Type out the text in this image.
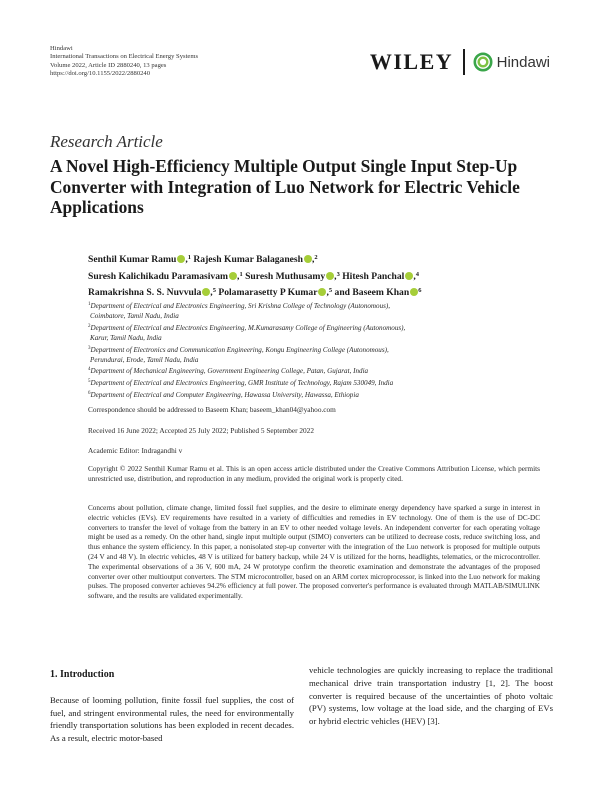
Hindawi
International Transactions on Electrical Energy Systems
Volume 2022, Article ID 2880240, 13 pages
https://doi.org/10.1155/2022/2880240	WILEY	Hindawi
Research Article
A Novel High-Efficiency Multiple Output Single Input Step-Up Converter with Integration of Luo Network for Electric Vehicle Applications
Senthil Kumar Ramu ,$^1$ Rajesh Kumar Balaganesh ,$^2$
Suresh Kalichikadu Paramasivam ,$^1$ Suresh Muthusamy ,$^3$ Hitesh Panchal ,$^4$
Ramakrishna S. S. Nuvvula ,$^5$ Polamarasetty P Kumar ,$^5$ and Baseem Khan $^6$
$^1$Department of Electrical and Electronics Engineering, Sri Krishna College of Technology (Autonomous),
Coimbatore, Tamil Nadu, India
$^2$Department of Electrical and Electronics Engineering, M.Kumarasamy College of Engineering (Autonomous),
Karur, Tamil Nadu, India
$^3$Department of Electronics and Communication Engineering, Kongu Engineering College (Autonomous),
Perundurai, Erode, Tamil Nadu, India
$^4$Department of Mechanical Engineering, Government Engineering College, Patan, Gujarat, India
$^5$Department of Electrical and Electronics Engineering, GMR Institute of Technology, Rajam 530049, India
$^6$Department of Electrical and Computer Engineering, Hawassa University, Hawassa, Ethiopia
Correspondence should be addressed to Baseem Khan; baseem_khan04@yahoo.com
Received 16 June 2022; Accepted 25 July 2022; Published 5 September 2022
Academic Editor: Indragandhi v
Copyright © 2022 Senthil Kumar Ramu et al. This is an open access article distributed under the Creative Commons Attribution License, which permits unrestricted use, distribution, and reproduction in any medium, provided the original work is properly cited.
Concerns about pollution, climate change, limited fossil fuel supplies, and the desire to eliminate energy dependency have sparked a surge in interest in electric vehicles (EVs). EV requirements have resulted in a variety of difficulties and remedies in EV technology. One of them is the use of DC-DC converters to transfer the level of voltage from the battery in an EV to other needed voltage levels. An independent converter for each operating voltage might be used as a remedy. On the other hand, single input multiple output (SIMO) converters can be utilized to decrease costs, reduce switching loss, and thus enhance the system efficiency. In this paper, a nonisolated step-up converter with the integration of the Luo network is proposed for multiple outputs (24 V and 48 V). In electric vehicles, 48 V is utilized for battery backup, while 24 V is utilized for the horns, headlights, telematics, or the microcontroller. The experimental observations of a 36 V, 600 mA, 24 W prototype confirm the theoretic examination and demonstrate the advantages of the proposed converter over other multioutput converters. The STM microcontroller, based on an ARM cortex microprocessor, is linked into the Luo network for making pulses. The proposed converter achieves 94.2% efficiency at full power. The proposed converter's performance is evaluated through MATLAB/SIMULINK software, and the results are validated experimentally.
1. Introduction
Because of looming pollution, finite fossil fuel supplies, the cost of fuel, and stringent environmental rules, the need for environmentally friendly transportation solutions has been exploded in recent decades. As a result, electric motor-based
vehicle technologies are quickly increasing to replace the traditional mechanical drive train transportation industry [1, 2]. The boost converter is required because of the uncertainties of photo voltaic (PV) systems, low voltage at the load side, and the charging of EVs or hybrid electric vehicles (HEV) [3].
